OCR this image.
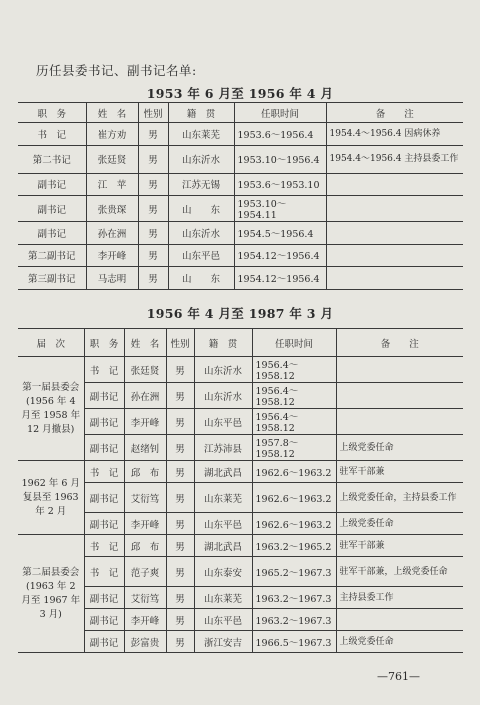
历任县委书记、副书记名单:
1953 年 6 月至 1956 年 4 月
职　务	姓　名	性别	籍　贯	任职时间	备　　注
书　记	崔方劝	男	山东莱芜	1953.6～1956.4	1954.4～1956.4 因病休养
第二书记	张廷贤	男	山东沂水	1953.10～1956.4	1954.4～1956.4 主持县委工作
副书记	江　苹	男	江苏无锡	1953.6～1953.10	
副书记	张贵琛	男	山　　东	1953.10～1954.11	
副书记	孙在洲	男	山东沂水	1954.5～1956.4	
第二副书记	李开峰	男	山东平邑	1954.12～1956.4	
第三副书记	马志明	男	山　　东	1954.12～1956.4	
1956 年 4 月至 1987 年 3 月
届　次	职　务	姓　名	性别	籍　贯	任职时间	备　　注
第一届县委会(1956 年 4 月至 1958 年 12 月撤县)	书　记	张廷贤	男	山东沂水	1956.4～1958.12	
	副书记	孙在洲	男	山东沂水	1956.4～1958.12	
	副书记	李开峰	男	山东平邑	1956.4～1958.12	
	副书记	赵绪钊	男	江苏沛县	1957.8～1958.12	上级党委任命
1962 年 6 月复县至 1963 年 2 月	书　记	邱　布	男	湖北武昌	1962.6～1963.2	驻军干部兼
	副书记	艾衍笃	男	山东莱芜	1962.6～1963.2	上级党委任命，主持县委工作
	副书记	李开峰	男	山东平邑	1962.6～1963.2	上级党委任命
第二届县委会(1963 年 2 月至 1967 年 3 月)	书　记	邱　布	男	湖北武昌	1963.2～1965.2	驻军干部兼
	书　记	范子爽	男	山东泰安	1965.2～1967.3	驻军干部兼，上级党委任命
	副书记	艾衍笃	男	山东莱芜	1963.2～1967.3	主持县委工作
	副书记	李开峰	男	山东平邑	1963.2～1967.3	
	副书记	彭富贵	男	浙江安吉	1966.5～1967.3	上级党委任命
—761—
